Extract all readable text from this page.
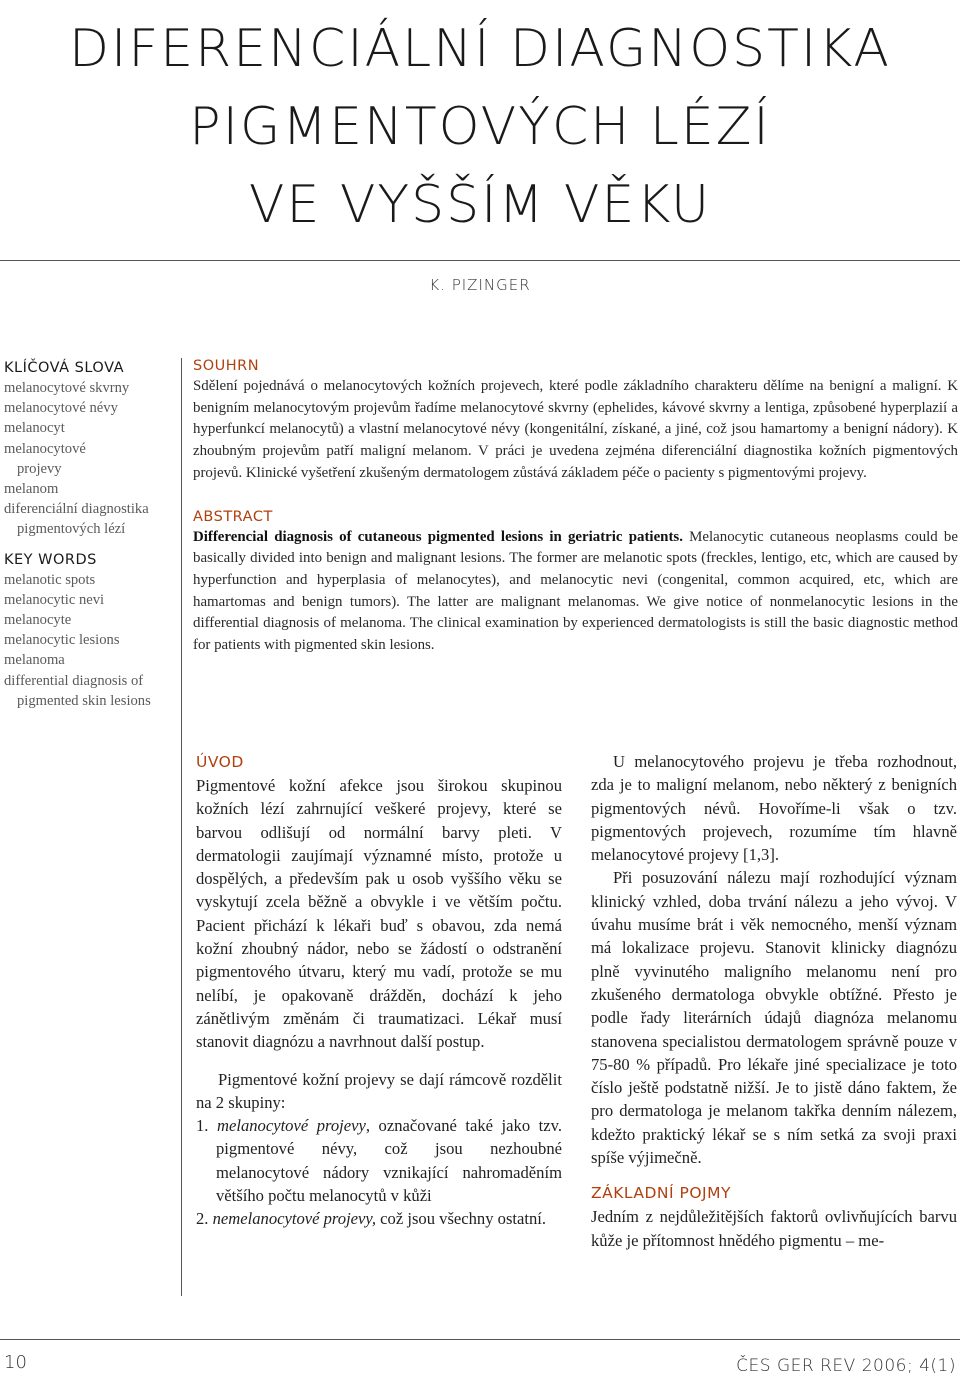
DIFERENCIÁLNÍ DIAGNOSTIKA
PIGMENTOVÝCH LÉZÍ
VE VYŠŠÍM VĚKU
K. PIZINGER

KLÍČOVÁ SLOVA

melanocytové skvrny
melanocytové névy
melanocyt
melanocytové projevy
melanom
diferenciální diagnostika pigmentových lézí

KEY WORDS

melanotic spots
melanocytic nevi
melanocyte
melanocytic lesions
melanoma
differential diagnosis of pigmented skin lesions

SOUHRN

Sdělení pojednává o melanocytových kožních projevech, které podle základního charakteru dělíme na benigní a maligní. K benigním melanocytovým projevům řadíme melanocytové skvrny (ephelides, kávové skvrny a lentiga, způsobené hyperplazií a hyperfunkcí melanocytů) a vlastní melanocytové névy (kongenitální, získané, a jiné, což jsou hamartomy a benigní nádory). K zhoubným projevům patří maligní melanom. V práci je uvedena zejména diferenciální diagnostika kožních pigmentových projevů. Klinické vyšetření zkušeným dermatologem zůstává základem péče o pacienty s pigmentovými projevy.

ABSTRACT

Differencial diagnosis of cutaneous pigmented lesions in geriatric patients. Melanocytic cutaneous neoplasms could be basically divided into benign and malignant lesions. The former are melanotic spots (freckles, lentigo, etc, which are caused by hyperfunction and hyperplasia of melanocytes), and melanocytic nevi (congenital, common acquired, etc, which are hamartomas and benign tumors). The latter are malignant melanomas. We give notice of nonmelanocytic lesions in the differential diagnosis of melanoma. The clinical examination by experienced dermatologists is still the basic diagnostic method for patients with pigmented skin lesions.

ÚVOD

Pigmentové kožní afekce jsou širokou skupinou kožních lézí zahrnující veškeré projevy, které se barvou odlišují od normální barvy pleti. V dermatologii zaujímají významné místo, protože u dospělých, a především pak u osob vyššího věku se vyskytují zcela běžně a obvykle i ve větším počtu. Pacient přichází k lékaři buď s obavou, zda nemá kožní zhoubný nádor, nebo se žádostí o odstranění pigmentového útvaru, který mu vadí, protože se mu nelíbí, je opakovaně drážděn, dochází k jeho zánětlivým změnám či traumatizaci. Lékař musí stanovit diagnózu a navrhnout další postup.

Pigmentové kožní projevy se dají rámcově rozdělit na 2 skupiny:

1. melanocytové projevy, označované také jako tzv. pigmentové névy, což jsou nezhoubné melanocytové nádory vznikající nahromaděním většího počtu melanocytů v kůži
2. nemelanocytové projevy, což jsou všechny ostatní.

U melanocytového projevu je třeba rozhodnout, zda je to maligní melanom, nebo některý z benigních pigmentových névů. Hovoříme-li však o tzv. pigmentových projevech, rozumíme tím hlavně melanocytové projevy [1,3].

Při posuzování nálezu mají rozhodující význam klinický vzhled, doba trvání nálezu a jeho vývoj. V úvahu musíme brát i věk nemocného, menší význam má lokalizace projevu. Stanovit klinicky diagnózu plně vyvinutého maligního melanomu není pro zkušeného dermatologa obvykle obtížné. Přesto je podle řady literárních údajů diagnóza melanomu stanovena specialistou dermatologem správně pouze v 75-80 % případů. Pro lékaře jiné specializace je toto číslo ještě podstatně nižší. Je to jistě dáno faktem, že pro dermatologa je melanom takřka denním nálezem, kdežto praktický lékař se s ním setká za svoji praxi spíše výjimečně.

ZÁKLADNÍ POJMY

Jedním z nejdůležitějších faktorů ovlivňujících barvu kůže je přítomnost hnědého pigmentu – me-

10	ČES GER REV 2006; 4(1)
